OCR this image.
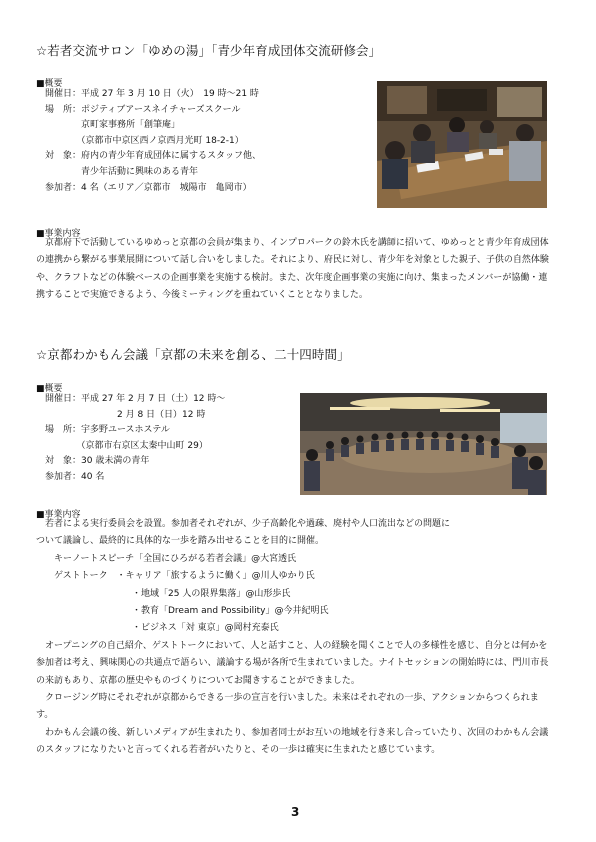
☆若者交流サロン「ゆめの湯」「青少年育成団体交流研修会」
■概要
開催日：平成 27 年 3 月 10 日（火）　19 時～21 時
場　所：ポジティブアースネイチャーズスクール
　　　　京町家事務所「創筆庵」
　　　　（京都市中京区西ノ京西月光町 18-2-1）
対　象：府内の青少年育成団体に属するスタッフ他、
　　　　青少年活動に興味のある青年
参加者：4 名（エリア／京都市　城陽市　亀岡市）
■事業内容
京都府下で活動しているゆめっと京都の会員が集まり、インプロパークの鈴木氏を講師に招いて、ゆめっとと青少年育成団体の連携から繋がる事業展開について話し合いをしました。それにより、府民に対し、青少年を対象とした親子、子供の自然体験や、クラフトなどの体験ベースの企画事業を実施する検討。また、次年度企画事業の実施に向け、集まったメンバーが協働・連携することで実施できるよう、今後ミーティングを重ねていくこととなりました。
☆京都わかもん会議「京都の未来を創る、二十四時間」
■概要
開催日：平成 27 年 2 月 7 日（土）12 時～
　　　　　　　　2 月 8 日（日）12 時
場　所：宇多野ユースホステル
　　　　（京都市右京区太秦中山町 29）
対　象：30 歳未満の青年
参加者：40 名
■事業内容
若者による実行委員会を設置。参加者それぞれが、少子高齢化や過疎、廃村や人口流出などの問題に
ついて議論し、最終的に具体的な一歩を踏み出せることを目的に開催。
キーノートスピーチ「全国にひろがる若者会議」@大宮透氏
ゲストトーク　・キャリア「旅するように働く」@川人ゆかり氏
・地域「25 人の限界集落」@山形歩氏
・教育「Dream and Possibility」@今井紀明氏
・ビジネス「対 東京」@岡村充泰氏
オープニングの自己紹介、ゲストトークにおいて、人と話すこと、人の経験を聞くことで人の多様性を感じ、自分とは何かを参加者は考え、興味関心の共通点で語らい、議論する場が各所で生まれていました。ナイトセッションの開始時には、門川市長の来訪もあり、京都の歴史やものづくりについてお聞きすることができました。
クロージング時にそれぞれが京都からできる一歩の宣言を行いました。未来はそれぞれの一歩、アクションからつくられます。
わかもん会議の後、新しいメディアが生まれたり、参加者同士がお互いの地域を行き来し合っていたり、次回のわかもん会議のスタッフになりたいと言ってくれる若者がいたりと、その一歩は確実に生まれたと感じています。
3
